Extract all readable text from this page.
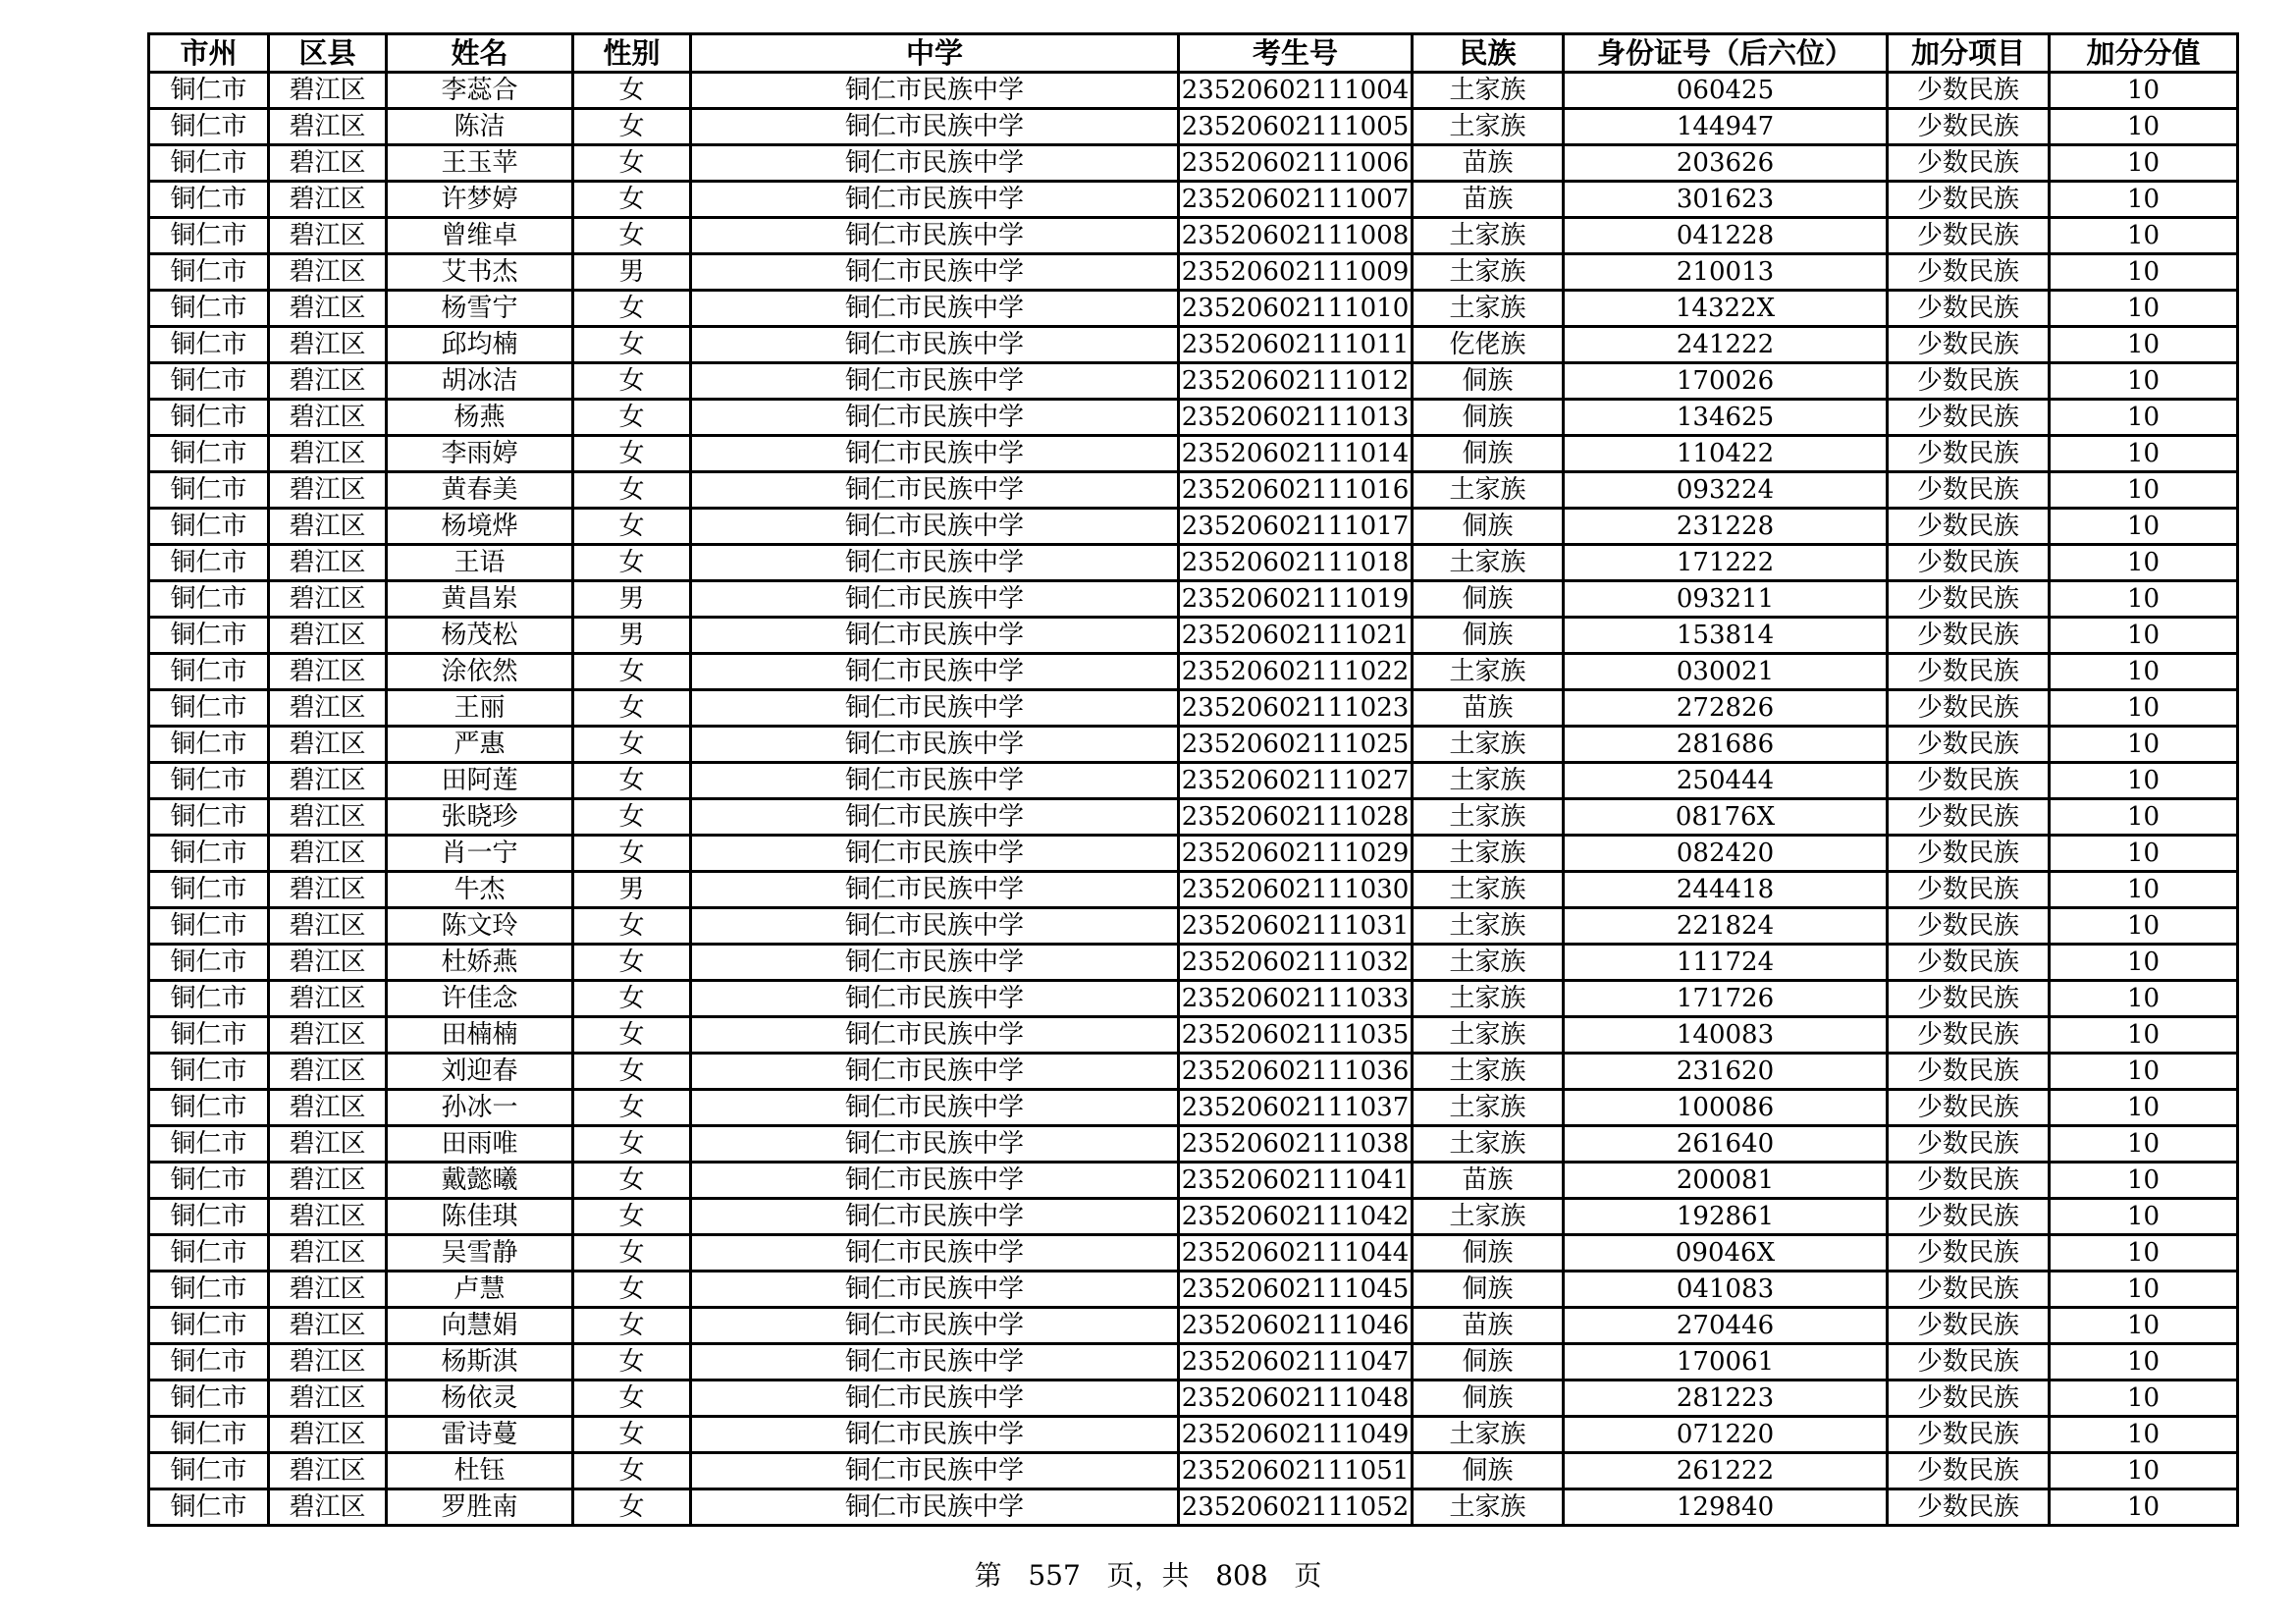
市州	区县	姓名	性别	中学	考生号	民族	身份证号（后六位）	加分项目	加分分值
铜仁市	碧江区	李蕊合	女	铜仁市民族中学	23520602111004	土家族	060425	少数民族	10
铜仁市	碧江区	陈洁	女	铜仁市民族中学	23520602111005	土家族	144947	少数民族	10
铜仁市	碧江区	王玉苹	女	铜仁市民族中学	23520602111006	苗族	203626	少数民族	10
铜仁市	碧江区	许梦婷	女	铜仁市民族中学	23520602111007	苗族	301623	少数民族	10
铜仁市	碧江区	曾维卓	女	铜仁市民族中学	23520602111008	土家族	041228	少数民族	10
铜仁市	碧江区	艾书杰	男	铜仁市民族中学	23520602111009	土家族	210013	少数民族	10
铜仁市	碧江区	杨雪宁	女	铜仁市民族中学	23520602111010	土家族	14322X	少数民族	10
铜仁市	碧江区	邱均楠	女	铜仁市民族中学	23520602111011	仡佬族	241222	少数民族	10
铜仁市	碧江区	胡冰洁	女	铜仁市民族中学	23520602111012	侗族	170026	少数民族	10
铜仁市	碧江区	杨燕	女	铜仁市民族中学	23520602111013	侗族	134625	少数民族	10
铜仁市	碧江区	李雨婷	女	铜仁市民族中学	23520602111014	侗族	110422	少数民族	10
铜仁市	碧江区	黄春美	女	铜仁市民族中学	23520602111016	土家族	093224	少数民族	10
铜仁市	碧江区	杨境烨	女	铜仁市民族中学	23520602111017	侗族	231228	少数民族	10
铜仁市	碧江区	王语	女	铜仁市民族中学	23520602111018	土家族	171222	少数民族	10
铜仁市	碧江区	黄昌岽	男	铜仁市民族中学	23520602111019	侗族	093211	少数民族	10
铜仁市	碧江区	杨茂松	男	铜仁市民族中学	23520602111021	侗族	153814	少数民族	10
铜仁市	碧江区	涂依然	女	铜仁市民族中学	23520602111022	土家族	030021	少数民族	10
铜仁市	碧江区	王丽	女	铜仁市民族中学	23520602111023	苗族	272826	少数民族	10
铜仁市	碧江区	严惠	女	铜仁市民族中学	23520602111025	土家族	281686	少数民族	10
铜仁市	碧江区	田阿莲	女	铜仁市民族中学	23520602111027	土家族	250444	少数民族	10
铜仁市	碧江区	张晓珍	女	铜仁市民族中学	23520602111028	土家族	08176X	少数民族	10
铜仁市	碧江区	肖一宁	女	铜仁市民族中学	23520602111029	土家族	082420	少数民族	10
铜仁市	碧江区	牛杰	男	铜仁市民族中学	23520602111030	土家族	244418	少数民族	10
铜仁市	碧江区	陈文玲	女	铜仁市民族中学	23520602111031	土家族	221824	少数民族	10
铜仁市	碧江区	杜娇燕	女	铜仁市民族中学	23520602111032	土家族	111724	少数民族	10
铜仁市	碧江区	许佳念	女	铜仁市民族中学	23520602111033	土家族	171726	少数民族	10
铜仁市	碧江区	田楠楠	女	铜仁市民族中学	23520602111035	土家族	140083	少数民族	10
铜仁市	碧江区	刘迎春	女	铜仁市民族中学	23520602111036	土家族	231620	少数民族	10
铜仁市	碧江区	孙冰一	女	铜仁市民族中学	23520602111037	土家族	100086	少数民族	10
铜仁市	碧江区	田雨唯	女	铜仁市民族中学	23520602111038	土家族	261640	少数民族	10
铜仁市	碧江区	戴懿曦	女	铜仁市民族中学	23520602111041	苗族	200081	少数民族	10
铜仁市	碧江区	陈佳琪	女	铜仁市民族中学	23520602111042	土家族	192861	少数民族	10
铜仁市	碧江区	吴雪静	女	铜仁市民族中学	23520602111044	侗族	09046X	少数民族	10
铜仁市	碧江区	卢慧	女	铜仁市民族中学	23520602111045	侗族	041083	少数民族	10
铜仁市	碧江区	向慧娟	女	铜仁市民族中学	23520602111046	苗族	270446	少数民族	10
铜仁市	碧江区	杨斯淇	女	铜仁市民族中学	23520602111047	侗族	170061	少数民族	10
铜仁市	碧江区	杨依灵	女	铜仁市民族中学	23520602111048	侗族	281223	少数民族	10
铜仁市	碧江区	雷诗蔓	女	铜仁市民族中学	23520602111049	土家族	071220	少数民族	10
铜仁市	碧江区	杜钰	女	铜仁市民族中学	23520602111051	侗族	261222	少数民族	10
铜仁市	碧江区	罗胜南	女	铜仁市民族中学	23520602111052	土家族	129840	少数民族	10
第 557 页，共 808 页
